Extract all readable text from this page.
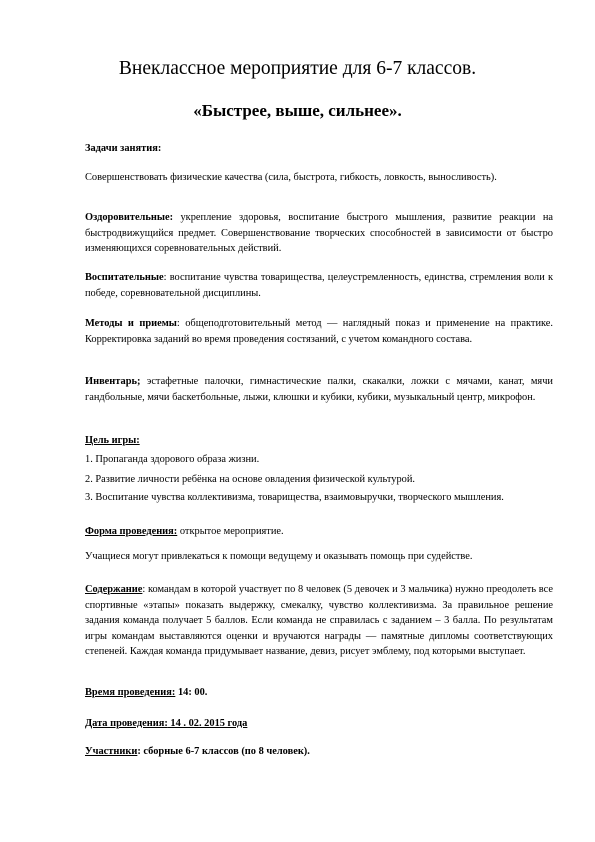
Внеклассное мероприятие для 6-7 классов.
«Быстрее, выше, сильнее».

Задачи занятия:

Совершенствовать физические качества (сила, быстрота, гибкость, ловкость, выносливость).

Оздоровительные: укрепление здоровья, воспитание быстрого мышления, развитие реакции на быстродвижущийся предмет. Совершенствование творческих способностей в зависимости от быстро изменяющихся соревновательных действий.

Воспитательные: воспитание чувства товарищества, целеустремленность, единства, стремления воли к победе, соревновательной дисциплины.

Методы и приемы: общеподготовительный метод — наглядный показ и применение на практике. Корректировка заданий во время проведения состязаний, с учетом командного состава.

Инвентарь; эстафетные палочки, гимнастические палки, скакалки, ложки с мячами, канат, мячи гандбольные, мячи баскетбольные, лыжи, клюшки и кубики, кубики, музыкальный центр, микрофон.

Цель игры:

1. Пропаганда здорового образа жизни.

2. Развитие личности ребёнка на основе овладения физической культурой.

3. Воспитание чувства коллективизма, товарищества, взаимовыручки, творческого мышления.

Форма проведения: открытое мероприятие.

Учащиеся могут привлекаться к помощи ведущему и оказывать помощь при судействе.

Содержание: командам в которой участвует по 8 человек (5 девочек и 3 мальчика) нужно преодолеть все спортивные «этапы» показать выдержку, смекалку, чувство коллективизма. За правильное решение задания команда получает 5 баллов. Если команда не справилась с заданием – 3 балла. По результатам игры командам выставляются оценки и вручаются награды — памятные дипломы соответствующих степеней. Каждая команда придумывает название, девиз, рисует эмблему, под которыми выступает.

Время проведения: 14: 00.

Дата проведения: 14 . 02. 2015 года

Участники: сборные 6-7 классов (по 8 человек).
